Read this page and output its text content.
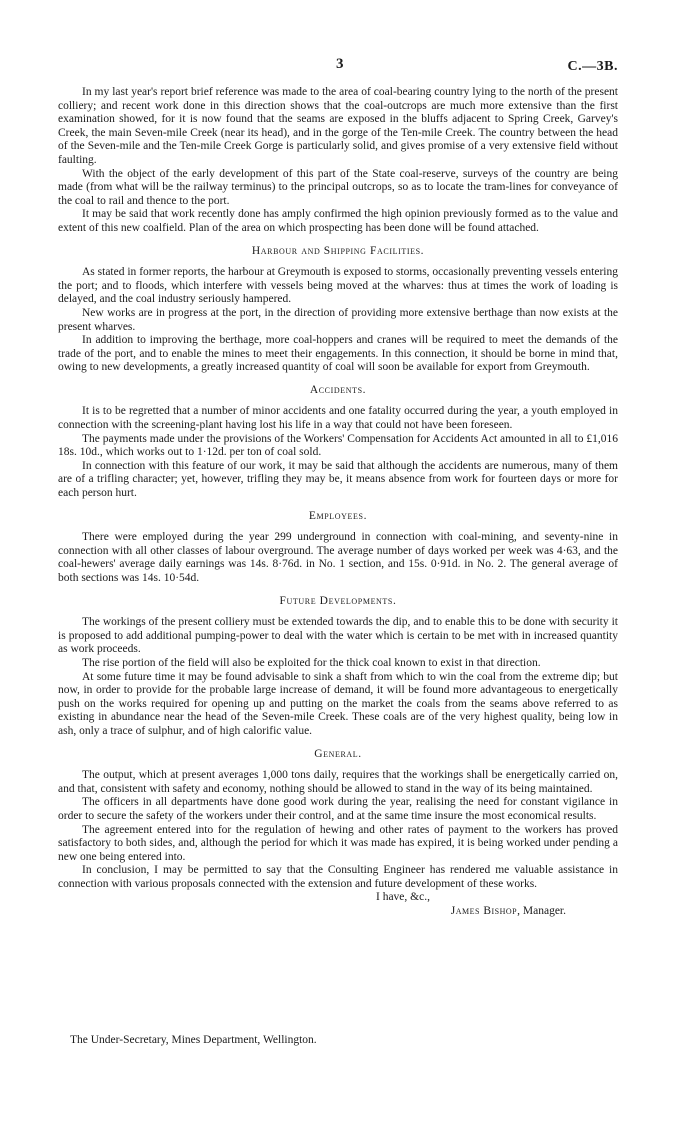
3	C.—3B.

In my last year's report brief reference was made to the area of coal-bearing country lying to the north of the present colliery; and recent work done in this direction shows that the coal-outcrops are much more extensive than the first examination showed, for it is now found that the seams are exposed in the bluffs adjacent to Spring Creek, Garvey's Creek, the main Seven-mile Creek (near its head), and in the gorge of the Ten-mile Creek. The country between the head of the Seven-mile and the Ten-mile Creek Gorge is particularly solid, and gives promise of a very extensive field without faulting.

With the object of the early development of this part of the State coal-reserve, surveys of the country are being made (from what will be the railway terminus) to the principal outcrops, so as to locate the tram-lines for conveyance of the coal to rail and thence to the port.

It may be said that work recently done has amply confirmed the high opinion previously formed as to the value and extent of this new coalfield. Plan of the area on which prospecting has been done will be found attached.

Harbour and Shipping Facilities.

As stated in former reports, the harbour at Greymouth is exposed to storms, occasionally preventing vessels entering the port; and to floods, which interfere with vessels being moved at the wharves: thus at times the work of loading is delayed, and the coal industry seriously hampered.

New works are in progress at the port, in the direction of providing more extensive berthage than now exists at the present wharves.

In addition to improving the berthage, more coal-hoppers and cranes will be required to meet the demands of the trade of the port, and to enable the mines to meet their engagements. In this connection, it should be borne in mind that, owing to new developments, a greatly increased quantity of coal will soon be available for export from Greymouth.

Accidents.

It is to be regretted that a number of minor accidents and one fatality occurred during the year, a youth employed in connection with the screening-plant having lost his life in a way that could not have been foreseen.

The payments made under the provisions of the Workers' Compensation for Accidents Act amounted in all to £1,016 18s. 10d., which works out to 1·12d. per ton of coal sold.

In connection with this feature of our work, it may be said that although the accidents are numerous, many of them are of a trifling character; yet, however, trifling they may be, it means absence from work for fourteen days or more for each person hurt.

Employees.

There were employed during the year 299 underground in connection with coal-mining, and seventy-nine in connection with all other classes of labour overground. The average number of days worked per week was 4·63, and the coal-hewers' average daily earnings was 14s. 8·76d. in No. 1 section, and 15s. 0·91d. in No. 2. The general average of both sections was 14s. 10·54d.

Future Developments.

The workings of the present colliery must be extended towards the dip, and to enable this to be done with security it is proposed to add additional pumping-power to deal with the water which is certain to be met with in increased quantity as work proceeds.

The rise portion of the field will also be exploited for the thick coal known to exist in that direction.

At some future time it may be found advisable to sink a shaft from which to win the coal from the extreme dip; but now, in order to provide for the probable large increase of demand, it will be found more advantageous to energetically push on the works required for opening up and putting on the market the coals from the seams above referred to as existing in abundance near the head of the Seven-mile Creek. These coals are of the very highest quality, being low in ash, only a trace of sulphur, and of high calorific value.

General.

The output, which at present averages 1,000 tons daily, requires that the workings shall be energetically carried on, and that, consistent with safety and economy, nothing should be allowed to stand in the way of its being maintained.

The officers in all departments have done good work during the year, realising the need for constant vigilance in order to secure the safety of the workers under their control, and at the same time insure the most economical results.

The agreement entered into for the regulation of hewing and other rates of payment to the workers has proved satisfactory to both sides, and, although the period for which it was made has expired, it is being worked under pending a new one being entered into.

In conclusion, I may be permitted to say that the Consulting Engineer has rendered me valuable assistance in connection with various proposals connected with the extension and future development of these works.

I have, &c.,
James Bishop, Manager.
The Under-Secretary, Mines Department, Wellington.
